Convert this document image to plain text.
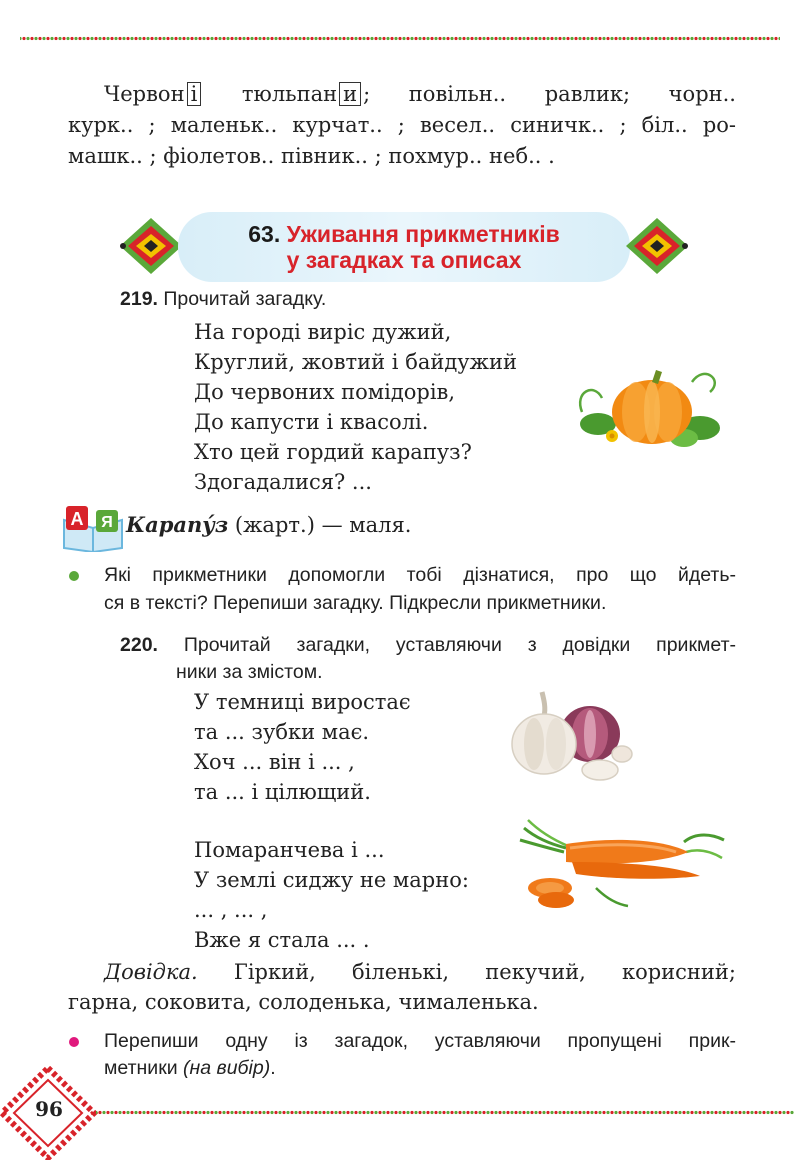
Червон і тюльпан и ; повільн.. равлик; чорн..
курк.. ; маленьк.. курчат.. ; весел.. синичк.. ; біл.. ро-
машк.. ; фіолетов.. півник.. ; похмур.. неб.. .
63. Уживання прикметників
у загадках та описах
219. Прочитай загадку.
На городі виріс дужий,
Круглий, жовтий і байдужий
До червоних помідорів,
До капусти і квасолі.
Хто цей гордий карапуз?
Здогадалися? ...
А Я Карапу́з (жарт.) — маля.
Які прикметники допомогли тобі дізнатися, про що йдеть-
ся в тексті? Перепиши загадку. Підкресли прикметники.
220. Прочитай загадки, уставляючи з довідки прикмет-
ники за змістом.
У темниці виростає
та ... зубки має.
Хоч ... він і ... ,
та ... і цілющий.
Помаранчева і ...
У землі сиджу не марно:
... , ... ,
Вже я стала ... .
Довідка. Гіркий, біленькі, пекучий, корисний;
гарна, соковита, солоденька, чималенька.
Перепиши одну із загадок, уставляючи пропущені прик-
метники (на вибір).
96
